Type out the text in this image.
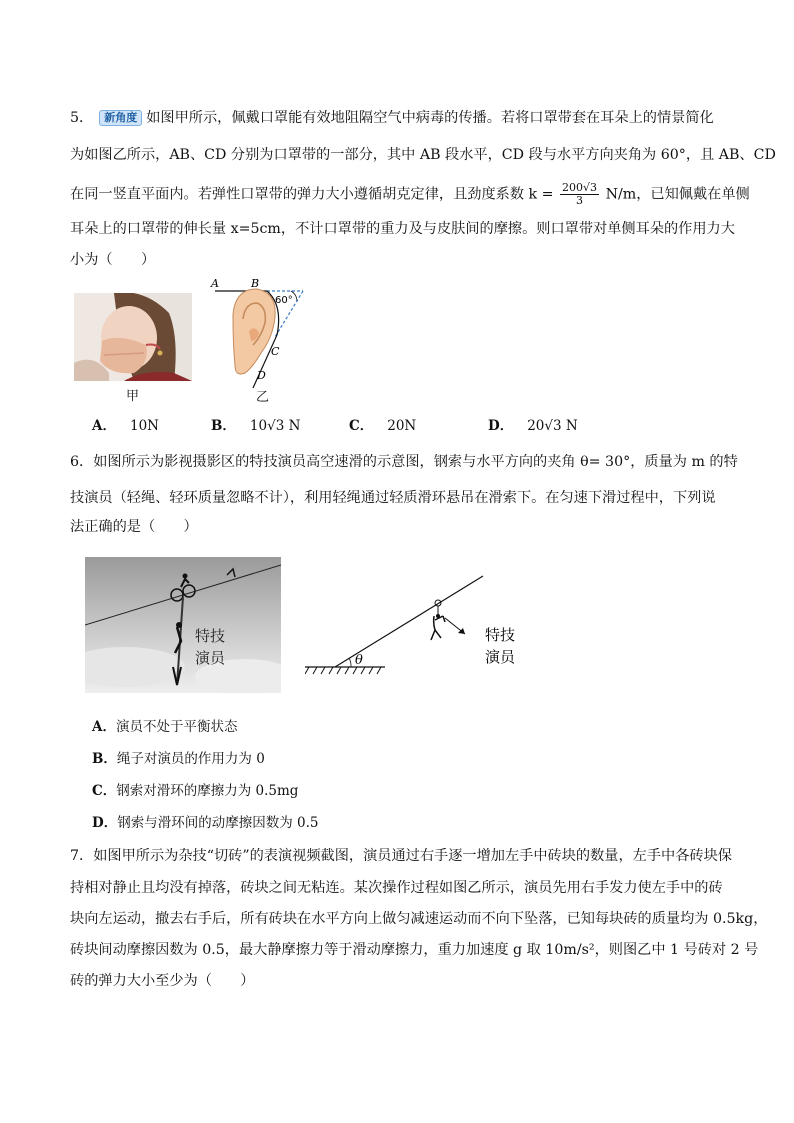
5． 新角度 如图甲所示，佩戴口罩能有效地阻隔空气中病毒的传播。若将口罩带套在耳朵上的情景简化
为如图乙所示，AB、CD 分别为口罩带的一部分，其中 AB 段水平，CD 段与水平方向夹角为 60°，且 AB、CD
在同一竖直平面内。若弹性口罩带的弹力大小遵循胡克定律，且劲度系数 $k = \frac{200√3}{3} N/m$，已知佩戴在单侧
耳朵上的口罩带的伸长量 x=5cm，不计口罩带的重力及与皮肤间的摩擦。则口罩带对单侧耳朵的作用力大
小为（　　）
甲
A	B
60°
C
D
乙
A． 10N	B． 10√3 N	C． 20N	D． 20√3 N
6．如图所示为影视摄影区的特技演员高空速滑的示意图，钢索与水平方向的夹角 θ= 30°，质量为 m 的特
技演员（轻绳、轻环质量忽略不计），利用轻绳通过轻质滑环悬吊在滑索下。在匀速下滑过程中，下列说
法正确的是（　　）
特技
演员	θ
特技
演员
A．演员不处于平衡状态
B．绳子对演员的作用力为 0
C．钢索对滑环的摩擦力为 0.5mg
D．钢索与滑环间的动摩擦因数为 0.5
7．如图甲所示为杂技“切砖”的表演视频截图，演员通过右手逐一增加左手中砖块的数量，左手中各砖块保
持相对静止且均没有掉落，砖块之间无粘连。某次操作过程如图乙所示，演员先用右手发力使左手中的砖
块向左运动，撤去右手后，所有砖块在水平方向上做匀减速运动而不向下坠落，已知每块砖的质量均为 0.5kg，
砖块间动摩擦因数为 0.5，最大静摩擦力等于滑动摩擦力，重力加速度 g 取 10m/s²，则图乙中 1 号砖对 2 号
砖的弹力大小至少为（　　）
